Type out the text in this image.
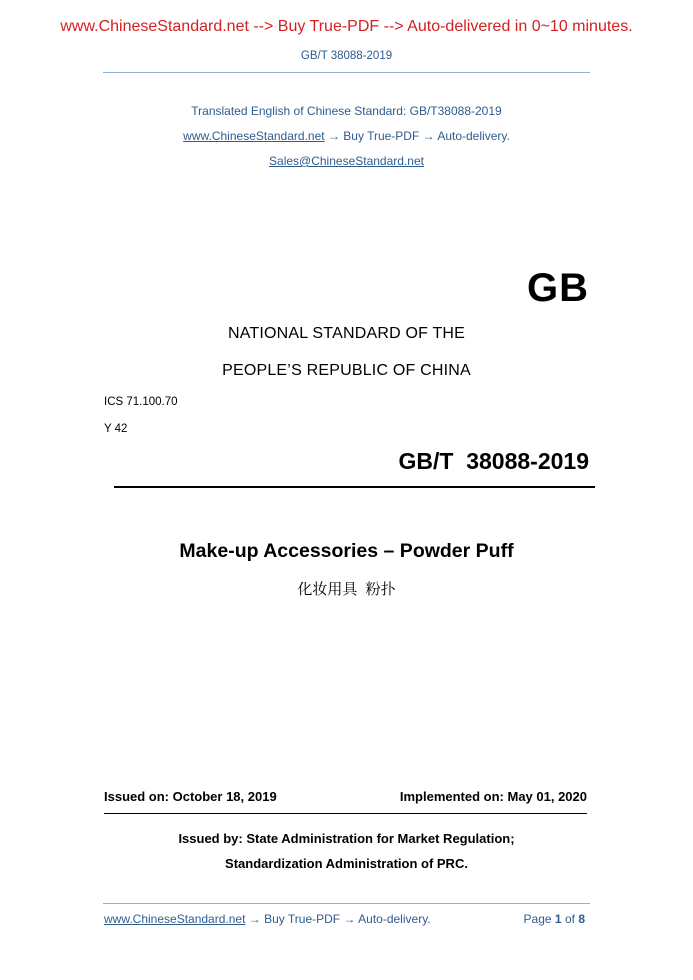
www.ChineseStandard.net --> Buy True-PDF --> Auto-delivered in 0~10 minutes.
GB/T 38088-2019
Translated English of Chinese Standard: GB/T38088-2019
www.ChineseStandard.net → Buy True-PDF → Auto-delivery.
Sales@ChineseStandard.net
GB
NATIONAL STANDARD OF THE
PEOPLE’S REPUBLIC OF CHINA
ICS 71.100.70
Y 42
GB/T  38088-2019
Make-up Accessories – Powder Puff
化妆用具  粉扑
Issued on: October 18, 2019	Implemented on: May 01, 2020
Issued by: State Administration for Market Regulation;
Standardization Administration of PRC.
www.ChineseStandard.net → Buy True-PDF → Auto-delivery.	Page 1 of 8
